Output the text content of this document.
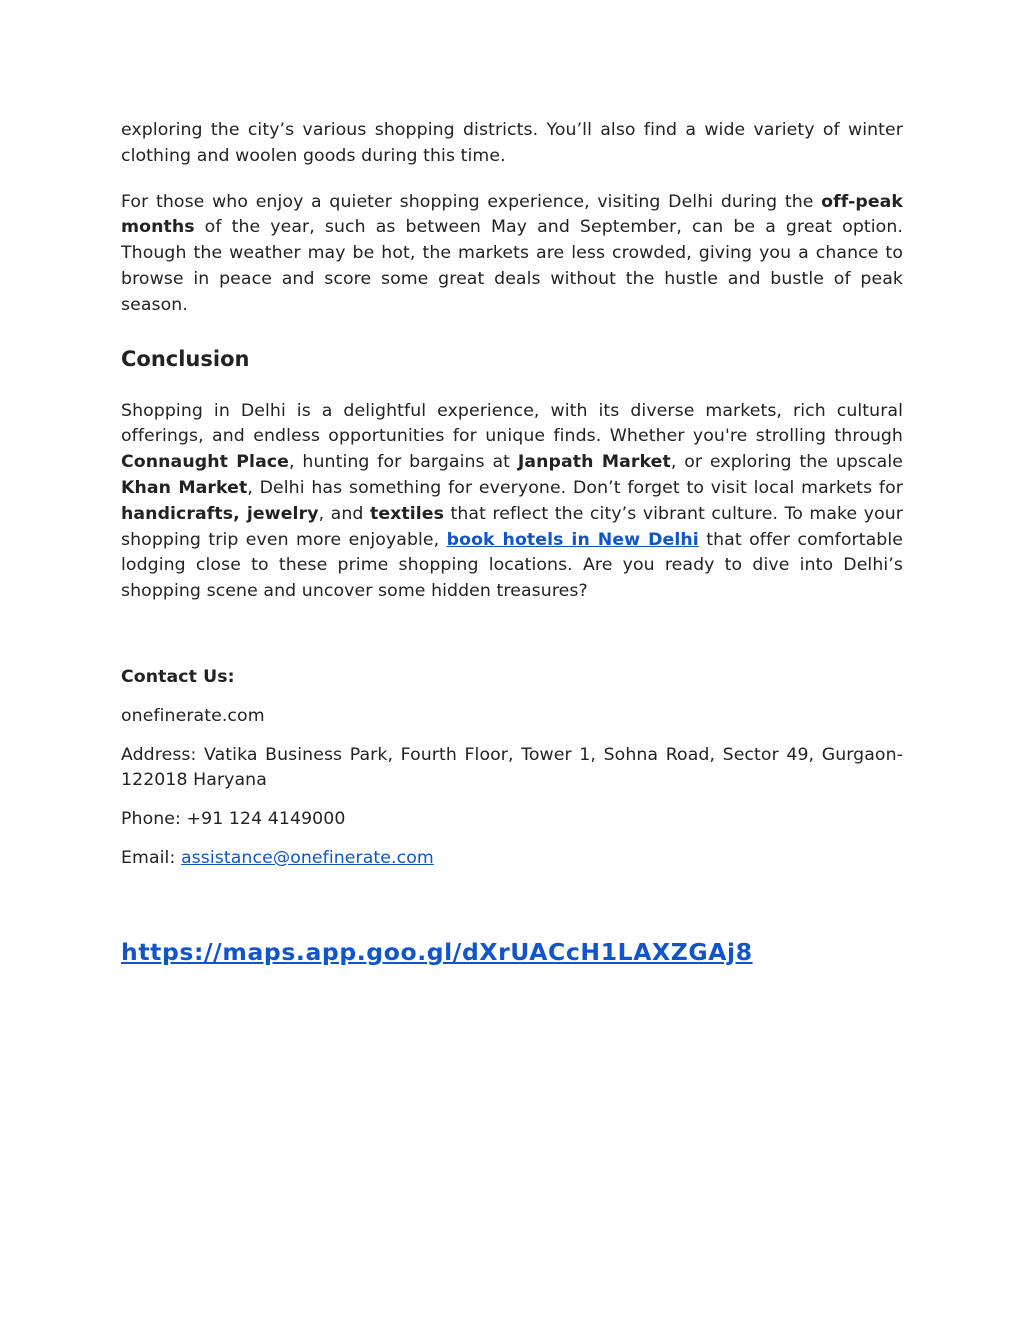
exploring the city’s various shopping districts. You’ll also find a wide variety of winter clothing and woolen goods during this time.

For those who enjoy a quieter shopping experience, visiting Delhi during the off-peak months of the year, such as between May and September, can be a great option. Though the weather may be hot, the markets are less crowded, giving you a chance to browse in peace and score some great deals without the hustle and bustle of peak season.

Conclusion

Shopping in Delhi is a delightful experience, with its diverse markets, rich cultural offerings, and endless opportunities for unique finds. Whether you're strolling through Connaught Place, hunting for bargains at Janpath Market, or exploring the upscale Khan Market, Delhi has something for everyone. Don’t forget to visit local markets for handicrafts, jewelry, and textiles that reflect the city’s vibrant culture. To make your shopping trip even more enjoyable, book hotels in New Delhi that offer comfortable lodging close to these prime shopping locations. Are you ready to dive into Delhi’s shopping scene and uncover some hidden treasures?

Contact Us:

onefinerate.com

Address: Vatika Business Park, Fourth Floor, Tower 1, Sohna Road, Sector 49, Gurgaon- 122018 Haryana

Phone: +91 124 4149000

Email: assistance@onefinerate.com

https://maps.app.goo.gl/dXrUACcH1LAXZGAj8
